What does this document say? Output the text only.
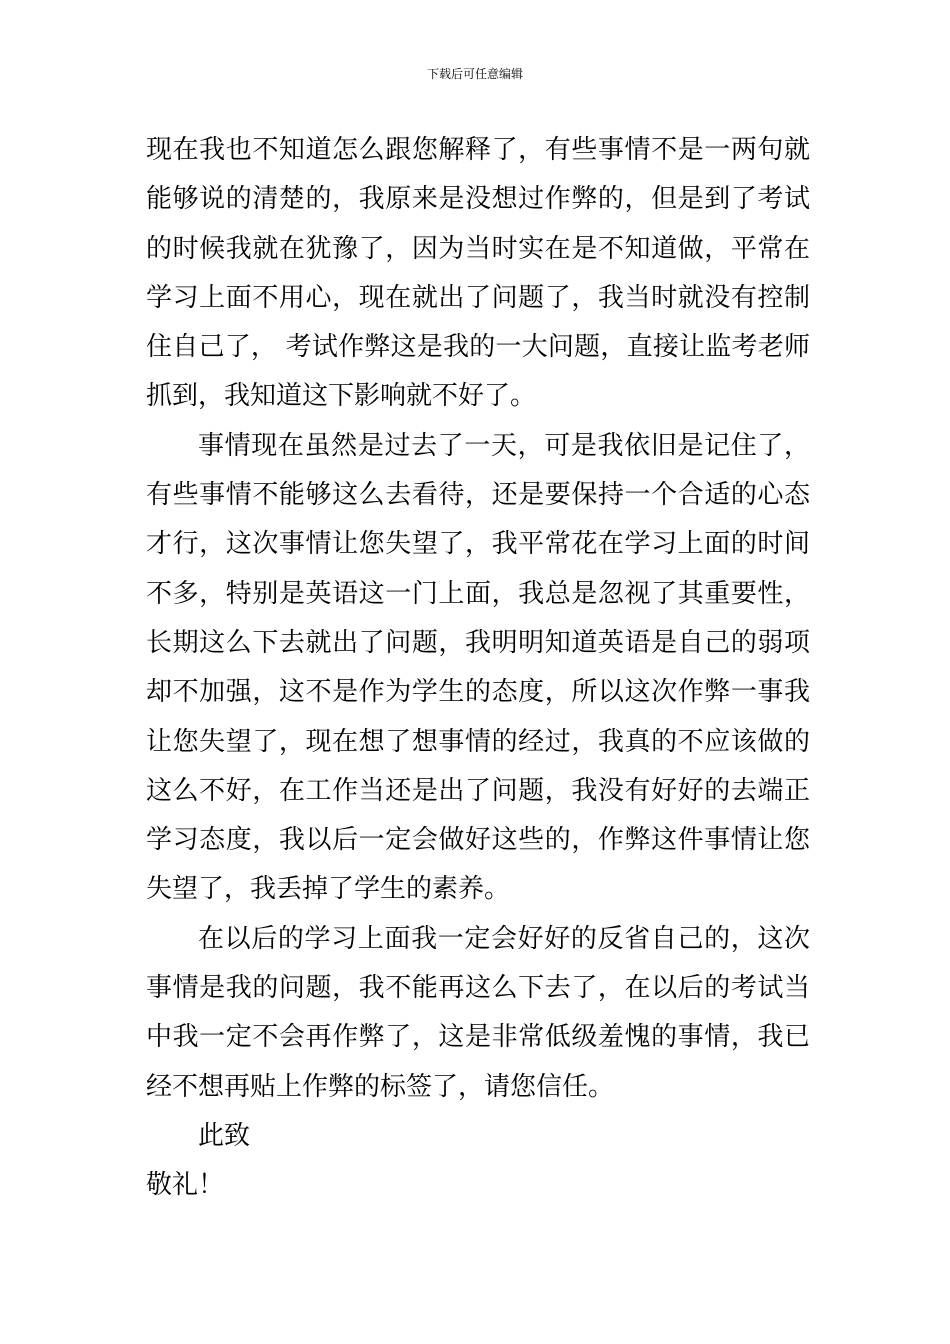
下载后可任意编辑

现在我也不知道怎么跟您解释了，有些事情不是一两句就能够说的清楚的，我原来是没想过作弊的，但是到了考试的时候我就在犹豫了，因为当时实在是不知道做，平常在学习上面不用心，现在就出了问题了，我当时就没有控制住自己了， 考试作弊这是我的一大问题，直接让监考老师抓到，我知道这下影响就不好了。

事情现在虽然是过去了一天，可是我依旧是记住了，有些事情不能够这么去看待，还是要保持一个合适的心态才行，这次事情让您失望了，我平常花在学习上面的时间不多，特别是英语这一门上面，我总是忽视了其重要性，长期这么下去就出了问题，我明明知道英语是自己的弱项却不加强，这不是作为学生的态度，所以这次作弊一事我让您失望了，现在想了想事情的经过，我真的不应该做的这么不好，在工作当还是出了问题，我没有好好的去端正学习态度，我以后一定会做好这些的，作弊这件事情让您失望了，我丢掉了学生的素养。

在以后的学习上面我一定会好好的反省自己的，这次事情是我的问题，我不能再这么下去了，在以后的考试当中我一定不会再作弊了，这是非常低级羞愧的事情，我已经不想再贴上作弊的标签了，请您信任。

此致

敬礼！
